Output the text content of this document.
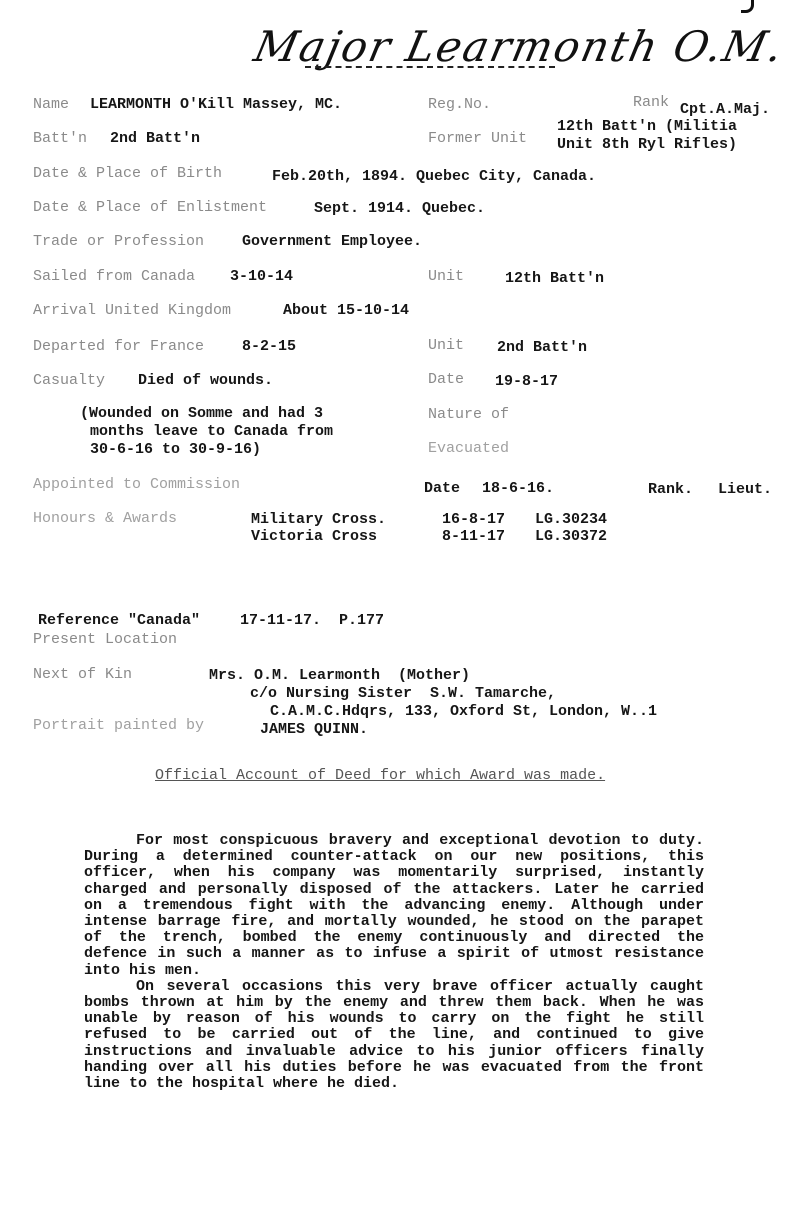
Major Learmonth O.M.
Name LEARMONTH O'Kill Massey, MC.	Reg.No.	Rank Cpt.A.Maj.
Batt'n 2nd Batt'n	Former Unit
12th Batt'n (Militia
Unit 8th Ryl Rifles)
Date & Place of Birth	Feb.20th, 1894. Quebec City, Canada.
Date & Place of Enlistment	Sept. 1914. Quebec.
Trade or Profession	Government Employee.
Sailed from Canada 3-10-14	Unit	12th Batt'n
Arrival United Kingdom	About 15-10-14
Departed for France	8-2-15	Unit 2nd Batt'n
Casualty Died of wounds.	Date 19-8-17
(Wounded on Somme and had 3
months leave to Canada from
30-6-16 to 30-9-16)
Nature of
Evacuated
Appointed to Commission	Date 18-6-16.	Rank. Lieut.
Honours & Awards	Military Cross.	16-8-17 LG.30234
Victoria Cross	8-11-17 LG.30372
Reference "Canada"	17-11-17.  P.177
Present Location
Next of Kin	Mrs. O.M. Learmonth  (Mother)
c/o Nursing Sister  S.W. Tamarche,
C.A.M.C.Hdqrs, 133, Oxford St, London, W..1
Portrait painted by	JAMES QUINN.
Official Account of Deed for which Award was made.

For most conspicuous bravery and exceptional devotion to duty. During a determined counter-attack on our new positions, this officer, when his company was momentarily surprised, instantly charged and personally disposed of the attackers. Later he carried on a tremendous fight with the advancing enemy. Although under intense barrage fire, and mortally wounded, he stood on the parapet of the trench, bombed the enemy continuously and directed the defence in such a manner as to infuse a spirit of utmost resistance into his men.

On several occasions this very brave officer actually caught bombs thrown at him by the enemy and threw them back. When he was unable by reason of his wounds to carry on the fight he still refused to be carried out of the line, and continued to give instructions and invaluable advice to his junior officers finally handing over all his duties before he was evacuated from the front line to the hospital where he died.
